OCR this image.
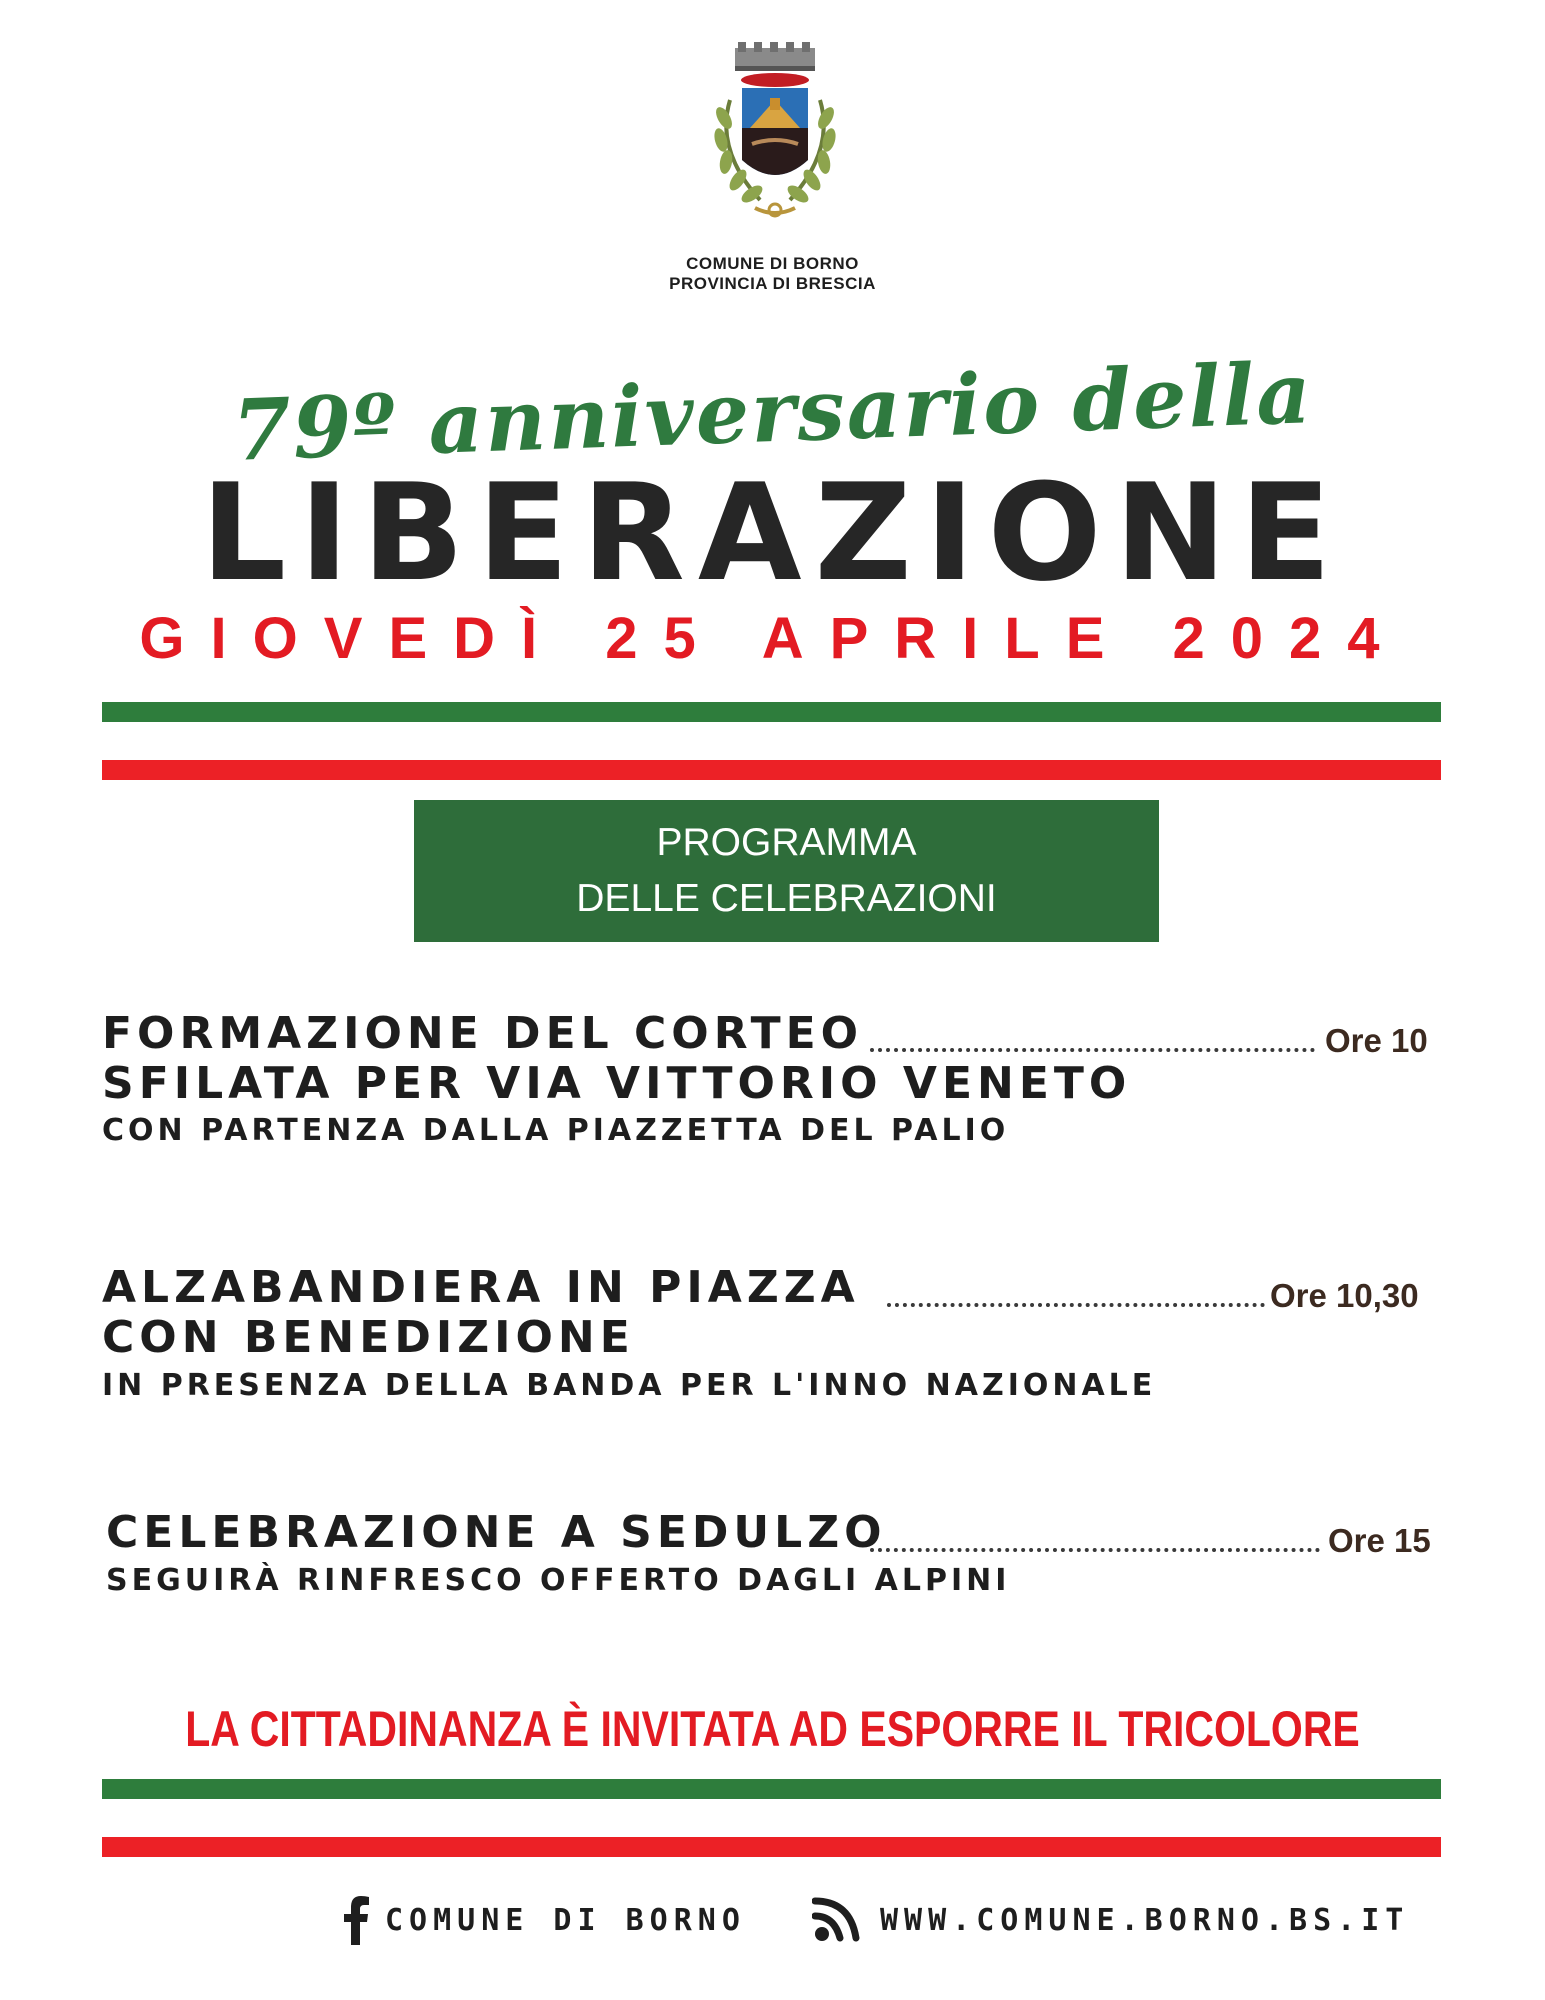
COMUNE DI BORNO
PROVINCIA DI BRESCIA
79º anniversario della
LIBERAZIONE
GIOVEDÌ 25 APRILE 2024
PROGRAMMA
DELLE CELEBRAZIONI
FORMAZIONE DEL CORTEO	Ore 10
SFILATA PER VIA VITTORIO VENETO
CON PARTENZA DALLA PIAZZETTA DEL PALIO
ALZABANDIERA IN PIAZZA	Ore 10,30
CON BENEDIZIONE
IN PRESENZA DELLA BANDA PER L'INNO NAZIONALE
CELEBRAZIONE A SEDULZO	Ore 15
SEGUIRÀ RINFRESCO OFFERTO DAGLI ALPINI
LA CITTADINANZA È INVITATA AD ESPORRE IL TRICOLORE
COMUNE DI BORNO	WWW.COMUNE.BORNO.BS.IT
